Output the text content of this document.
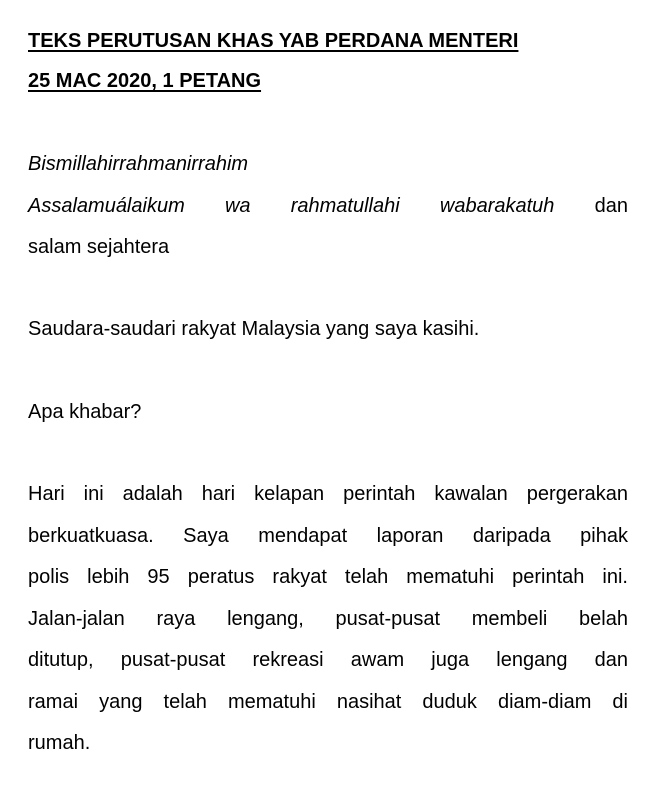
TEKS PERUTUSAN KHAS YAB PERDANA MENTERI

25 MAC 2020, 1 PETANG

Bismillahirrahmanirrahim

Assalamuálaikum wa rahmatullahi wabarakatuh dan

salam sejahtera

Saudara-saudari rakyat Malaysia yang saya kasihi.

Apa khabar?

Hari ini adalah hari kelapan perintah kawalan pergerakan
berkuatkuasa. Saya mendapat laporan daripada pihak
polis lebih 95 peratus rakyat telah mematuhi perintah ini.
Jalan-jalan raya lengang, pusat-pusat membeli belah
ditutup, pusat-pusat rekreasi awam juga lengang dan
ramai yang telah mematuhi nasihat duduk diam-diam di
rumah.
